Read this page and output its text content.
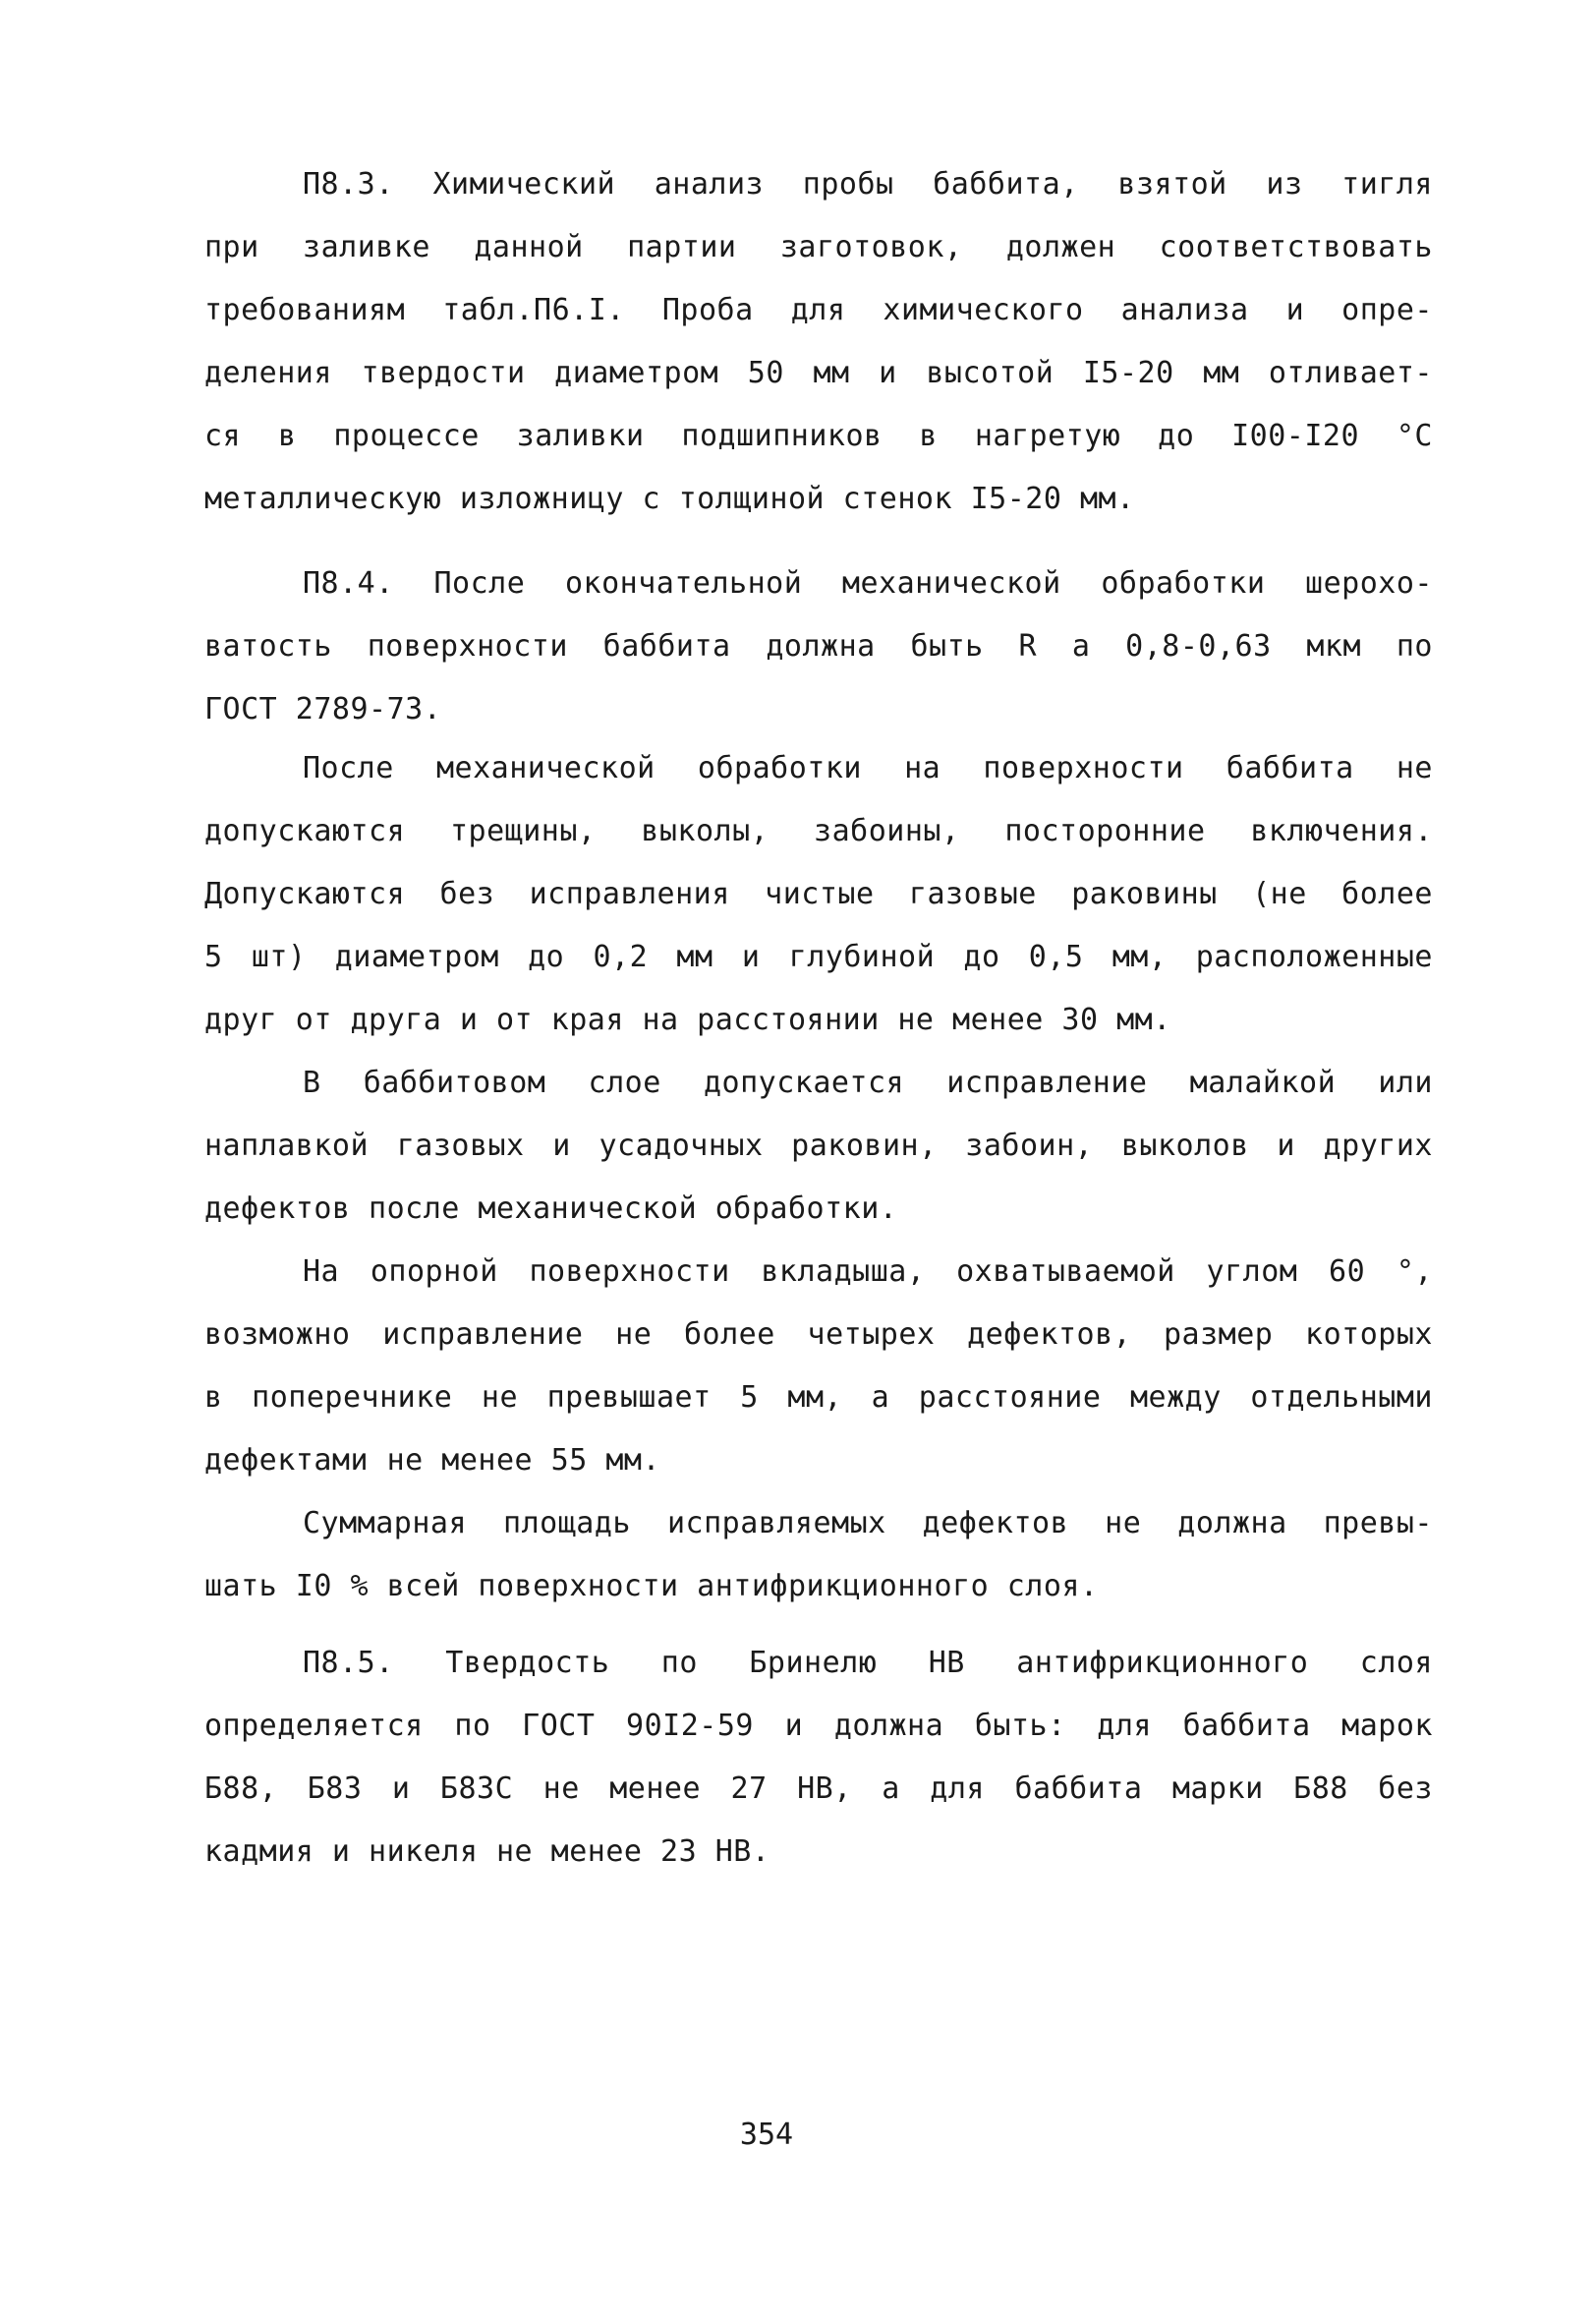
П8.3. Химический анализ пробы баббита, взятой из тигля
при заливке данной партии заготовок, должен соответствовать
требованиям табл.П6.I. Проба для химического анализа и опре-
деления твердости диаметром 50 мм и высотой I5-20 мм отливает-
ся в процессе заливки подшипников в нагретую до I00-I20 °С
металлическую изложницу с толщиной стенок I5-20 мм.
П8.4. После окончательной механической обработки шерохо-
ватость поверхности баббита должна быть R а 0,8-0,63 мкм по
ГОСТ 2789-73.
После механической обработки на поверхности баббита не
допускаются трещины, выколы, забоины, посторонние включения.
Допускаются без исправления чистые газовые раковины (не более
5 шт) диаметром до 0,2 мм и глубиной до 0,5 мм, расположенные
друг от друга и от края на расстоянии не менее 30 мм.
В баббитовом слое допускается исправление малайкой или
наплавкой газовых и усадочных раковин, забоин, выколов и других
дефектов после механической обработки.
На опорной поверхности вкладыша, охватываемой углом 60 °,
возможно исправление не более четырех дефектов, размер которых
в поперечнике не превышает 5 мм, а расстояние между отдельными
дефектами не менее 55 мм.
Суммарная площадь исправляемых дефектов не должна превы-
шать I0 % всей поверхности антифрикционного слоя.
П8.5. Твердость по Бринелю НВ антифрикционного слоя
определяется по ГОСТ 90I2-59 и должна быть: для баббита марок
Б88, Б83 и Б83С не менее 27 НВ, а для баббита марки Б88 без
кадмия и никеля не менее 23 НВ.
354
